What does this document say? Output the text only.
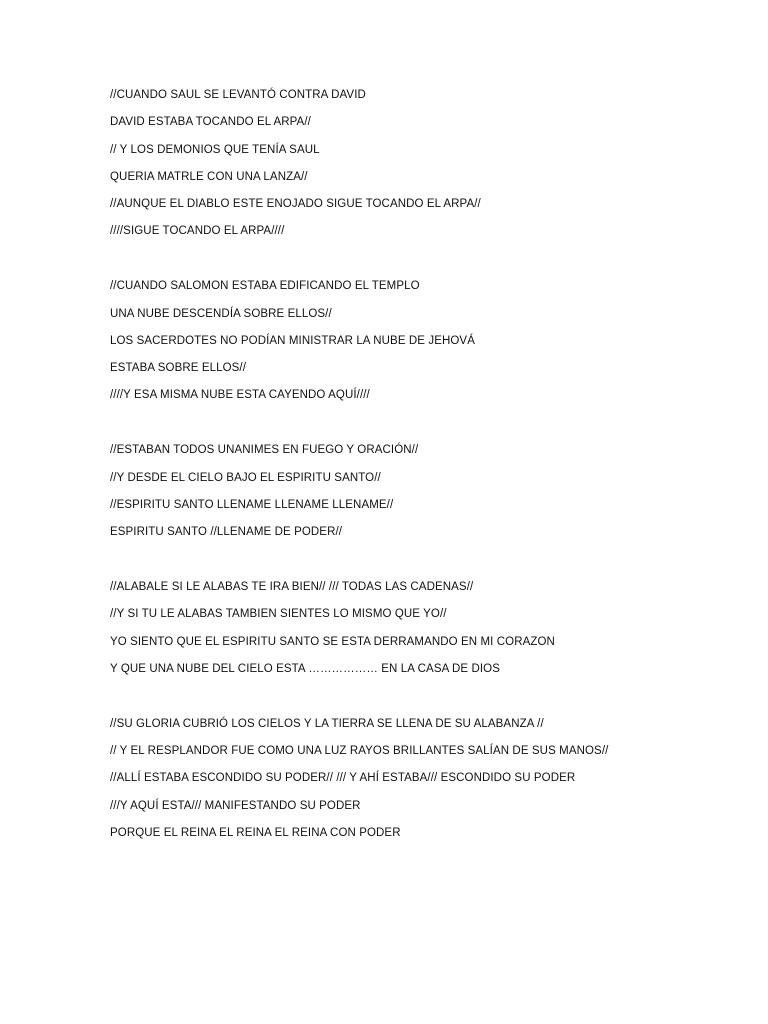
//CUANDO SAUL SE LEVANTÓ CONTRA DAVID
DAVID ESTABA TOCANDO EL ARPA//
// Y LOS DEMONIOS QUE TENÍA SAUL
QUERIA MATRLE CON UNA LANZA//
//AUNQUE EL DIABLO ESTE ENOJADO SIGUE TOCANDO EL ARPA//
////SIGUE TOCANDO EL ARPA////
//CUANDO SALOMON ESTABA EDIFICANDO EL TEMPLO
UNA NUBE DESCENDÍA SOBRE ELLOS//
LOS SACERDOTES NO PODÍAN MINISTRAR LA NUBE DE JEHOVÁ
ESTABA SOBRE ELLOS//
////Y ESA MISMA NUBE ESTA CAYENDO AQUÍ////
//ESTABAN TODOS UNANIMES EN FUEGO Y ORACIÓN//
//Y DESDE EL CIELO BAJO EL ESPIRITU SANTO//
//ESPIRITU SANTO LLENAME LLENAME LLENAME//
ESPIRITU SANTO //LLENAME DE PODER//
//ALABALE SI LE ALABAS TE IRA BIEN// /// TODAS LAS CADENAS//
//Y SI TU LE ALABAS TAMBIEN SIENTES LO MISMO QUE YO//
YO SIENTO QUE EL ESPIRITU SANTO SE ESTA DERRAMANDO EN MI CORAZON
Y QUE UNA NUBE DEL CIELO ESTA ……………… EN LA CASA DE DIOS
//SU GLORIA CUBRIÓ LOS CIELOS Y LA TIERRA SE LLENA DE SU ALABANZA //
// Y EL RESPLANDOR FUE COMO UNA LUZ RAYOS BRILLANTES SALÍAN DE SUS MANOS//
//ALLÍ ESTABA ESCONDIDO SU PODER// /// Y AHÍ ESTABA/// ESCONDIDO SU PODER
///Y AQUÍ ESTA/// MANIFESTANDO SU PODER
PORQUE EL REINA EL REINA EL REINA CON PODER
